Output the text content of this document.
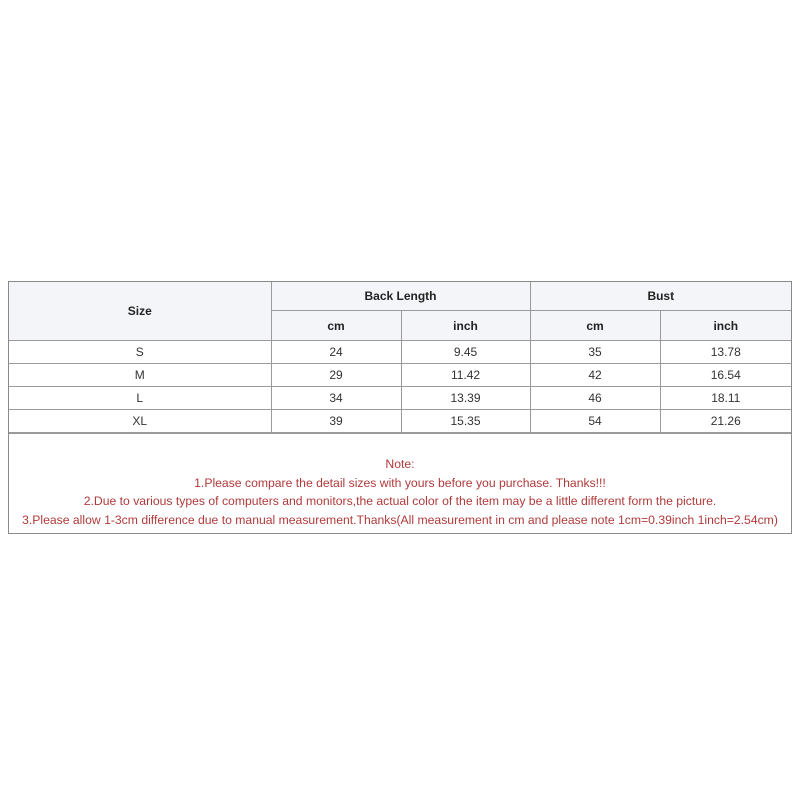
Size	Back Length		Bust	
	cm	inch	cm	inch
S	24	9.45	35	13.78
M	29	11.42	42	16.54
L	34	13.39	46	18.11
XL	39	15.35	54	21.26
Note:
1.Please compare the detail sizes with yours before you purchase. Thanks!!!
2.Due to various types of computers and monitors,the actual color of the item may be a little different form the picture.
3.Please allow 1-3cm difference due to manual measurement.Thanks(All measurement in cm and please note 1cm=0.39inch 1inch=2.54cm)
